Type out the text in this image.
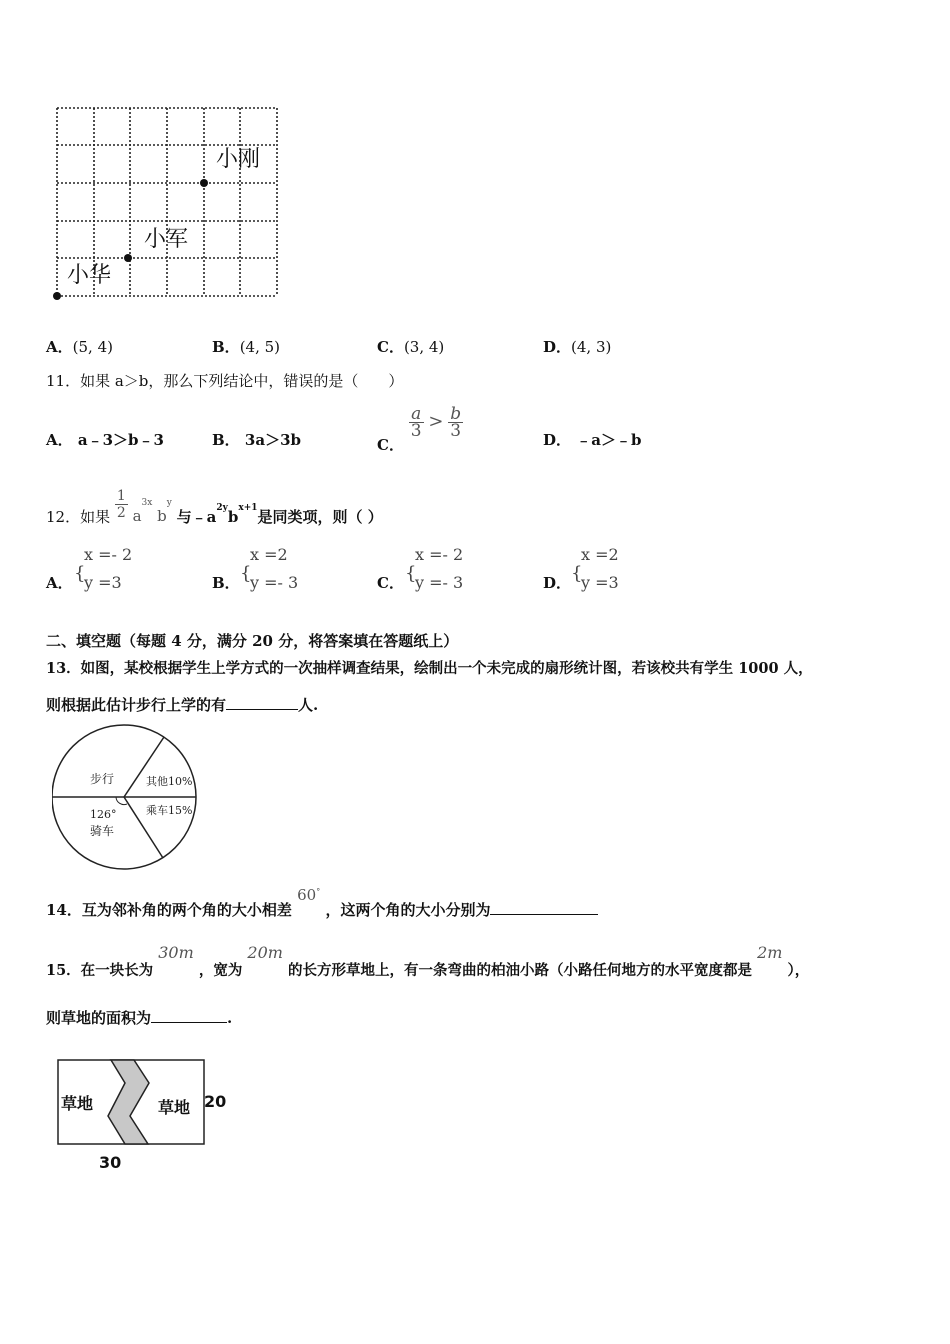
小刚
小军
小华
A．(5, 4)	B．(4, 5)	C．(3, 4)	D．(4, 3)
11．如果 a＞b，那么下列结论中，错误的是（　　）
A． a﹣3＞b﹣3	B． 3a＞3b	C．
$\frac{a}{3} > \frac{b}{3}$
D． ﹣a＞﹣b
12．如果 $\frac{1}{2} a^{3x}$ $b^y$ 与$﹣a^{2y}b^{x+1}$是同类项，则（ ）
A． {
x =- 2
y =3	B． {
x =2
y =- 3	C． {
x =- 2
y =- 3	D． {
x =2
y =3
二、填空题（每题 4 分，满分 20 分，将答案填在答题纸上）
13．如图，某校根据学生上学方式的一次抽样调查结果，绘制出一个未完成的扇形统计图，若该校共有学生 1000 人，
则根据此估计步行上学的有	人.
步行	其他10%
乘车15%
126°
骑车
14．互为邻补角的两个角的大小相差 60° ，这两个角的大小分别为
15．在一块长为 30m ，宽为 20m 的长方形草地上，有一条弯曲的柏油小路（小路任何地方的水平宽度都是 2m ），
则草地的面积为	.
草地	草地 20
30
